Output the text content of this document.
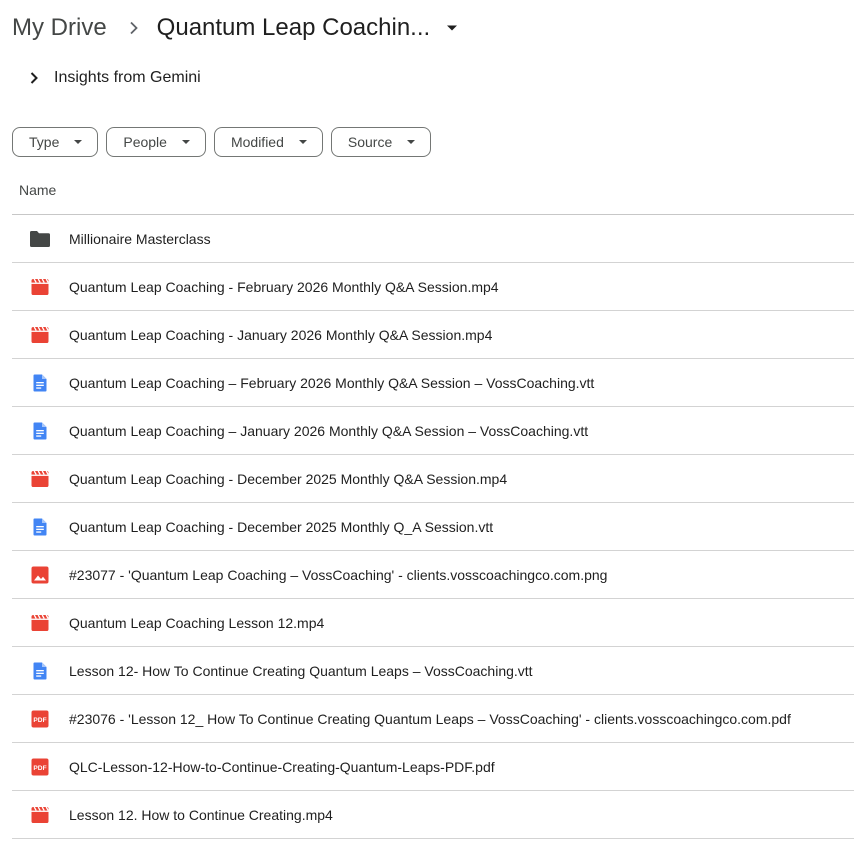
My Drive Quantum Leap Coachin...
Insights from Gemini
Type	People	Modified	Source
Name
Millionaire Masterclass
Quantum Leap Coaching - February 2026 Monthly Q&A Session.mp4
Quantum Leap Coaching - January 2026 Monthly Q&A Session.mp4
Quantum Leap Coaching – February 2026 Monthly Q&A Session – VossCoaching.vtt
Quantum Leap Coaching – January 2026 Monthly Q&A Session – VossCoaching.vtt
Quantum Leap Coaching - December 2025 Monthly Q&A Session.mp4
Quantum Leap Coaching - December 2025 Monthly Q_A Session.vtt
#23077 - 'Quantum Leap Coaching – VossCoaching' - clients.vosscoachingco.com.png
Quantum Leap Coaching Lesson 12.mp4
Lesson 12- How To Continue Creating Quantum Leaps – VossCoaching.vtt
PDF #23076 - 'Lesson 12_ How To Continue Creating Quantum Leaps – VossCoaching' - clients.vosscoachingco.com.pdf
PDF QLC-Lesson-12-How-to-Continue-Creating-Quantum-Leaps-PDF.pdf
Lesson 12. How to Continue Creating.mp4
